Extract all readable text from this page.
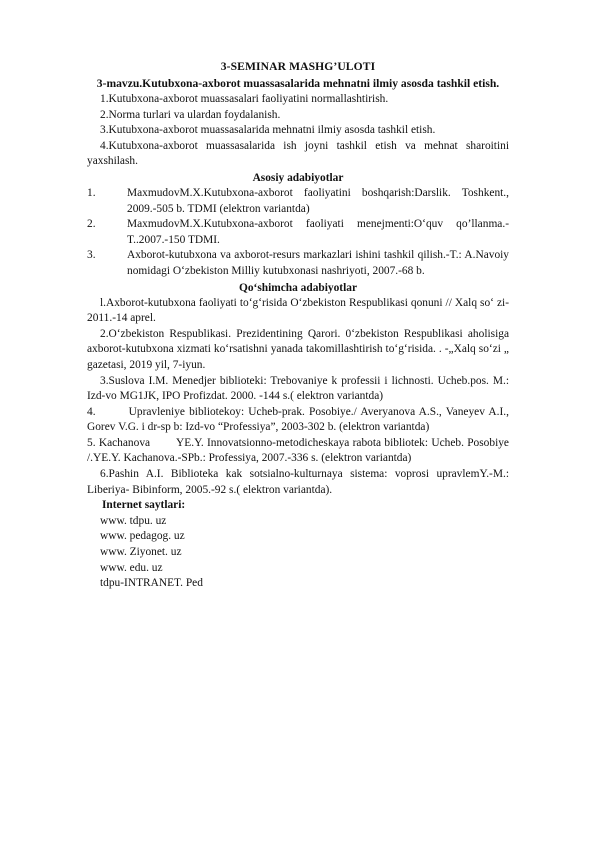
3-SEMINAR MASHG’ULOTI
3-mavzu.Kutubxona-axborot muassasalarida mehnatni ilmiy asosda tashkil etish.
1.Kutubxona-axborot muassasalari faoliyatini normallashtirish.
2.Norma turlari va ulardan foydalanish.
3.Kutubxona-axborot muassasalarida mehnatni ilmiy asosda tashkil etish.
4.Kutubxona-axborot muassasalarida ish joyni tashkil etish va mehnat sharoitini yaxshilash.
Asosiy adabiyotlar
1.	MaxmudovM.X.Kutubxona-axborot faoliyatini boshqarish:Darslik. Toshkent., 2009.-505 b. TDMI (elektron variantda)
2.	MaxmudovM.X.Kutubxona-axborot faoliyati menejmenti:O‘quv qo’llanma.- T..2007.-150 TDMI.
3.	Axborot-kutubxona va axborot-resurs markazlari ishini tashkil qilish.-T.: A.Navoiy nomidagi O‘zbekiston Milliy kutubxonasi nashriyoti, 2007.-68 b.
Qo‘shimcha adabiyotlar
l.Axborot-kutubxona faoliyati to‘g‘risida O‘zbekiston Respublikasi qonuni // Xalq so‘ zi-2011.-14 aprel.
2.O‘zbekiston Respublikasi. Prezidentining Qarori. 0‘zbekiston Respublikasi aholisiga axborot-kutubxona xizmati ko‘rsatishni yanada takomillashtirish to‘g‘risida. . -„Xalq so‘zi „ gazetasi, 2019 yil, 7-iyun.
3.Suslova I.M. Menedjer biblioteki: Trebovaniye k professii i lichnosti. Ucheb.pos. M.: Izd-vo MG1JK, IPO Profizdat. 2000. -144 s.( elektron variantda)
4.        Upravleniye bibliotekoy: Ucheb-prak. Posobiye./ Averyanova A.S., Vaneyev A.I., Gorev V.G. i dr-sp b: Izd-vo “Professiya”, 2003-302 b. (elektron variantda)
5. Kachanova        YE.Y. Innovatsionno-metodicheskaya rabota bibliotek: Ucheb. Posobiye /.YE.Y. Kachanova.-SPb.: Professiya, 2007.-336 s. (elektron variantda)
6.Pashin A.I. Biblioteka kak sotsialno-kulturnaya sistema: voprosi upravlemY.-M.: Liberiya- Bibinform, 2005.-92 s.( elektron variantda).
Internet saytlari:
www. tdpu. uz
www. pedagog. uz
www. Ziyonet. uz
www. edu. uz
tdpu-INTRANET. Ped
